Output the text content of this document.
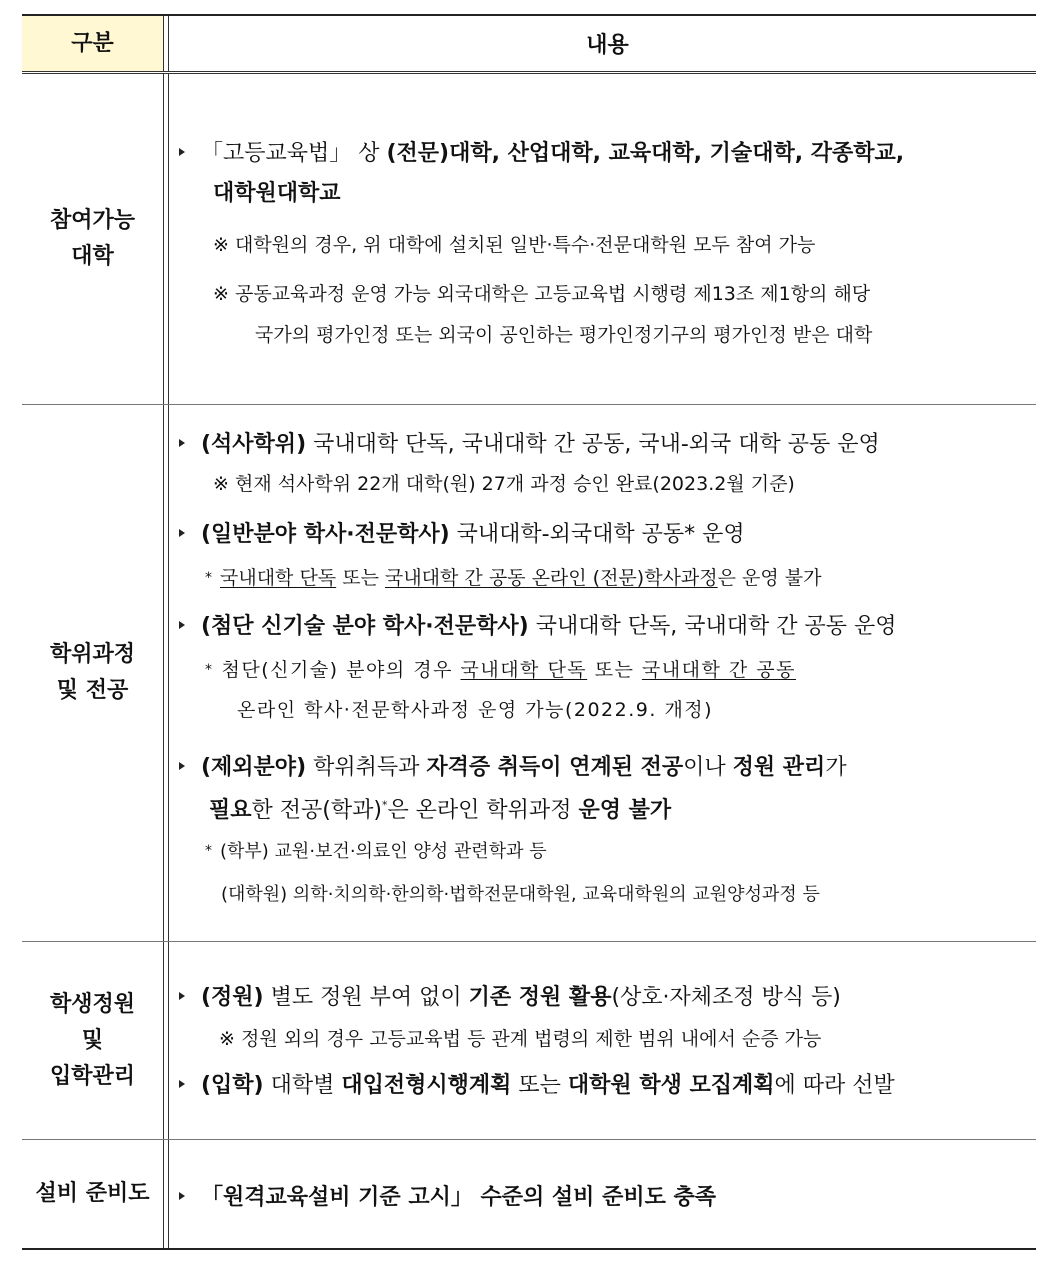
구분	내용
참여가능
대학
「고등교육법」 상 (전문)대학, 산업대학, 교육대학, 기술대학, 각종학교,
대학원대학교
※ 대학원의 경우, 위 대학에 설치된 일반·특수·전문대학원 모두 참여 가능
※ 공동교육과정 운영 가능 외국대학은 고등교육법 시행령 제13조 제1항의 해당
국가의 평가인정 또는 외국이 공인하는 평가인정기구의 평가인정 받은 대학
학위과정
및 전공
(석사학위) 국내대학 단독, 국내대학 간 공동, 국내-외국 대학 공동 운영
※ 현재 석사학위 22개 대학(원) 27개 과정 승인 완료(2023.2월 기준)
(일반분야 학사·전문학사) 국내대학-외국대학 공동* 운영
* 국내대학 단독 또는 국내대학 간 공동 온라인 (전문)학사과정은 운영 불가
(첨단 신기술 분야 학사·전문학사) 국내대학 단독, 국내대학 간 공동 운영
* 첨단(신기술) 분야의 경우 국내대학 단독 또는 국내대학 간 공동
온라인 학사·전문학사과정 운영 가능(2022.9. 개정)
(제외분야) 학위취득과 자격증 취득이 연계된 전공이나 정원 관리가
필요한 전공(학과)*은 온라인 학위과정 운영 불가
* (학부) 교원·보건·의료인 양성 관련학과 등
(대학원) 의학·치의학·한의학·법학전문대학원, 교육대학원의 교원양성과정 등
학생정원
및
입학관리
(정원) 별도 정원 부여 없이 기존 정원 활용(상호·자체조정 방식 등)
※ 정원 외의 경우 고등교육법 등 관계 법령의 제한 범위 내에서 순증 가능
(입학) 대학별 대입전형시행계획 또는 대학원 학생 모집계획에 따라 선발
설비 준비도	「원격교육설비 기준 고시」 수준의 설비 준비도 충족
